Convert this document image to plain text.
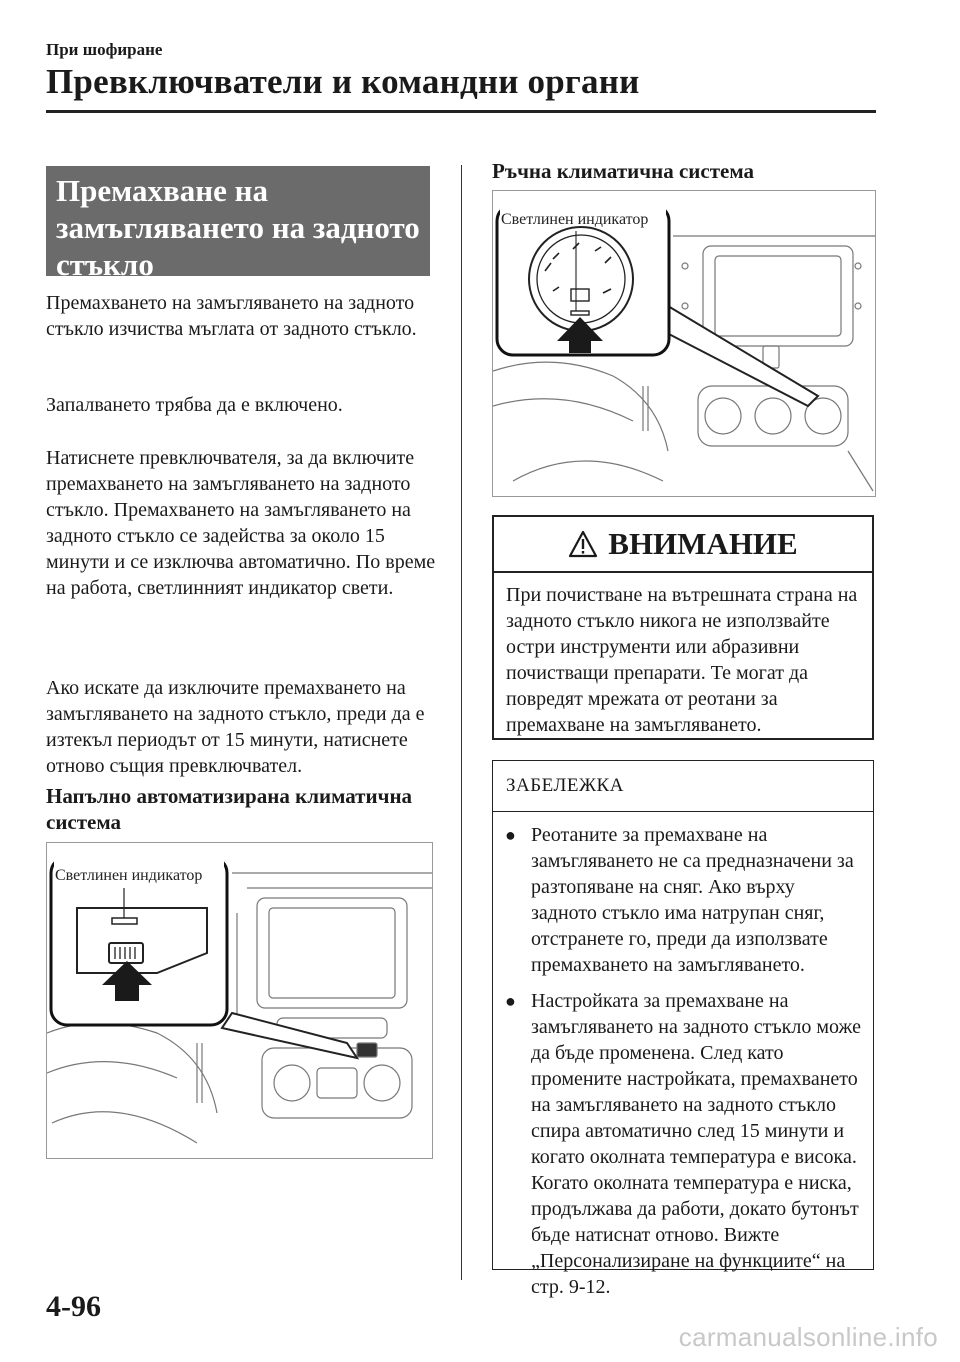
При шофиране
Превключватели и командни органи
Премахване на замъгляването на задното стъкло
Премахването на замъгляването на задното стъкло изчиства мъглата от задното стъкло.
Запалването трябва да е включено.
Натиснете превключвателя, за да включите премахването на замъгляването на задното стъкло. Премахването на замъгляването на задното стъкло се задейства за около 15 минути и се изключва автоматично. По време на работа, светлинният индикатор свети.
Ако искате да изключите премахването на замъгляването на задното стъкло, преди да е изтекъл периодът от 15 минути, натиснете отново същия превключвател.
Напълно автоматизирана климатична система
Светлинен индикатор
Ръчна климатична система
Светлинен индикатор
ВНИМАНИЕ
При почистване на вътрешната страна на задното стъкло никога не използвайте остри инструменти или абразивни почистващи препарати. Те могат да повредят мрежата от реотани за премахване на замъгляването.
ЗАБЕЛЕЖКА
● Реотаните за премахване на замъгляването не са предназначени за разтопяване на сняг. Ако върху задното стъкло има натрупан сняг, отстранете го, преди да използвате премахването на замъгляването.
● Настройката за премахване на замъгляването на задното стъкло може да бъде променена. След като промените настройката, премахването на замъгляването на задното стъкло спира автоматично след 15 минути и когато околната температура е висока. Когато околната температура е ниска, продължава да работи, докато бутонът бъде натиснат отново. Вижте „Персонализиране на функциите“ на стр. 9-12.
4-96
carmanualsonline.info
